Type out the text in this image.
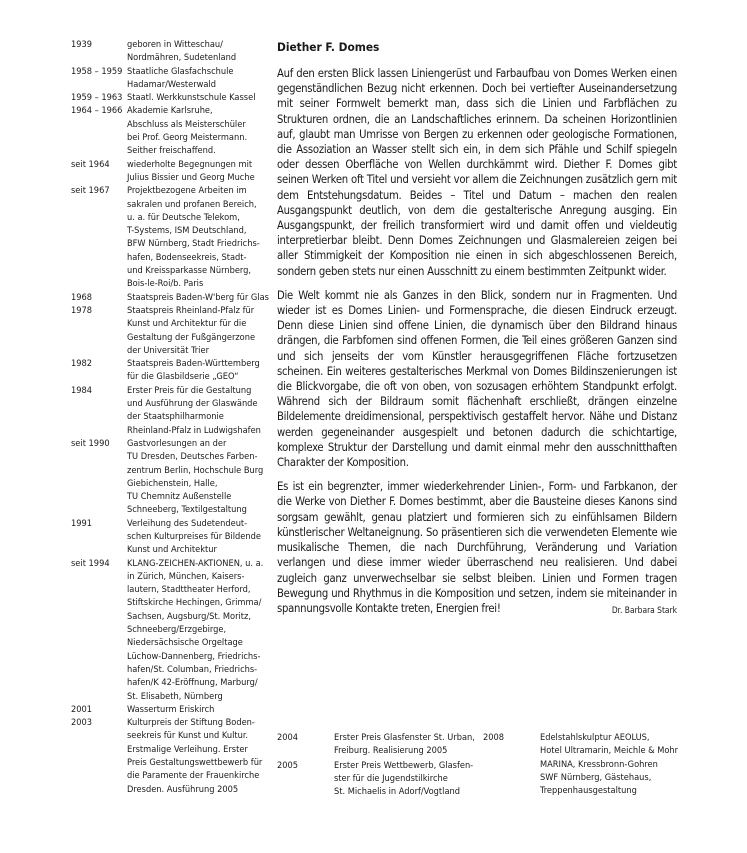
1939	geboren in Witteschau/
Nordmähren, Sudetenland
1958 – 1959 Staatliche Glasfachschule
Hadamar/Westerwald
1959 – 1963 Staatl. Werkkunstschule Kassel
1964 – 1966 Akademie Karlsruhe,
Abschluss als Meisterschüler
bei Prof. Georg Meistermann.
Seither freischaffend.
seit 1964	wiederholte Begegnungen mit
Julius Bissier und Georg Muche
seit 1967	Projektbezogene Arbeiten im
sakralen und profanen Bereich,
u. a. für Deutsche Telekom,
T-Systems, ISM Deutschland,
BFW Nürnberg, Stadt Friedrichs-
hafen, Bodenseekreis, Stadt-
und Kreissparkasse Nürnberg,
Bois-le-Roi/b. Paris
1968	Staatspreis Baden-W'berg für Glas
1978	Staatspreis Rheinland-Pfalz für
Kunst und Architektur für die
Gestaltung der Fußgängerzone
der Universität Trier
1982	Staatspreis Baden-Württemberg
für die Glasbildserie „GEO“
1984	Erster Preis für die Gestaltung
und Ausführung der Glaswände
der Staatsphilharmonie
Rheinland-Pfalz in Ludwigshafen
seit 1990	Gastvorlesungen an der
TU Dresden, Deutsches Farben-
zentrum Berlin, Hochschule Burg
Giebichenstein, Halle,
TU Chemnitz Außenstelle
Schneeberg, Textilgestaltung
1991	Verleihung des Sudetendeut-
schen Kulturpreises für Bildende
Kunst und Architektur
seit 1994	KLANG-ZEICHEN-AKTIONEN, u. a.
in Zürich, München, Kaisers-
lautern, Stadttheater Herford,
Stiftskirche Hechingen, Grimma/
Sachsen, Augsburg/St. Moritz,
Schneeberg/Erzgebirge,
Niedersächsische Orgeltage
Lüchow-Dannenberg, Friedrichs-
hafen/St. Columban, Friedrichs-
hafen/K 42-Eröffnung, Marburg/
St. Elisabeth, Nürnberg
2001	Wasserturm Eriskirch
2003	Kulturpreis der Stiftung Boden-
seekreis für Kunst und Kultur.
Erstmalige Verleihung. Erster
Preis Gestaltungswettbewerb für
die Paramente der Frauenkirche
Dresden. Ausführung 2005
Diether F. Domes

Auf den ersten Blick lassen Liniengerüst und Farbaufbau von Domes Werken einen gegenständlichen Bezug nicht erkennen. Doch bei vertiefter Auseinandersetzung mit seiner Formwelt bemerkt man, dass sich die Linien und Farbflächen zu Strukturen ordnen, die an Landschaftliches erinnern. Da scheinen Horizontlinien auf, glaubt man Umrisse von Bergen zu erkennen oder geologische Formationen, die Assoziation an Wasser stellt sich ein, in dem sich Pfähle und Schilf spiegeln oder dessen Oberfläche von Wellen durchkämmt wird. Diether F. Domes gibt seinen Werken oft Titel und versieht vor allem die Zeichnungen zusätzlich gern mit dem Entstehungsdatum. Beides – Titel und Datum – machen den realen Ausgangspunkt deutlich, von dem die gestalterische Anregung ausging. Ein Ausgangspunkt, der freilich transformiert wird und damit offen und vieldeutig interpretierbar bleibt. Denn Domes Zeichnungen und Glasmalereien zeigen bei aller Stimmigkeit der Komposition nie einen in sich abgeschlossenen Bereich, sondern geben stets nur einen Ausschnitt zu einem bestimmten Zeitpunkt wider.

Die Welt kommt nie als Ganzes in den Blick, sondern nur in Fragmenten. Und wieder ist es Domes Linien- und Formensprache, die diesen Eindruck erzeugt. Denn diese Linien sind offene Linien, die dynamisch über den Bildrand hinaus drängen, die Farbfomen sind offenen Formen, die Teil eines größeren Ganzen sind und sich jenseits der vom Künstler herausgegriffenen Fläche fortzusetzen scheinen. Ein weiteres gestalterisches Merkmal von Domes Bildinszenierungen ist die Blickvorgabe, die oft von oben, von sozusagen erhöhtem Standpunkt erfolgt. Während sich der Bildraum somit flächenhaft erschließt, drängen einzelne Bildelemente dreidimensional, perspektivisch gestaffelt hervor. Nähe und Distanz werden gegeneinander ausgespielt und betonen dadurch die schichtartige, komplexe Struktur der Darstellung und damit einmal mehr den ausschnitthaften Charakter der Komposition.

Es ist ein begrenzter, immer wiederkehrender Linien-, Form- und Farbkanon, der die Werke von Diether F. Domes bestimmt, aber die Bausteine dieses Kanons sind sorgsam gewählt, genau platziert und formieren sich zu einfühlsamen Bildern künstlerischer Weltaneignung. So präsentieren sich die verwendeten Elemente wie musikalische Themen, die nach Durchführung, Veränderung und Variation verlangen und diese immer wieder überraschend neu realisieren. Und dabei zugleich ganz unverwechselbar sie selbst bleiben. Linien und Formen tragen Bewegung und Rhythmus in die Komposition und setzen, indem sie miteinander in spannungsvolle Kontakte treten, Energien frei!	Dr. Barbara Stark
2004	Erster Preis Glasfenster St. Urban,
Freiburg. Realisierung 2005
2005	Erster Preis Wettbewerb, Glasfen-
ster für die Jugendstilkirche
St. Michaelis in Adorf/Vogtland
2008	Edelstahlskulptur AEOLUS,
Hotel Ultramarin, Meichle & Mohr
MARINA, Kressbronn-Gohren
SWF Nürnberg, Gästehaus,
Treppenhausgestaltung
